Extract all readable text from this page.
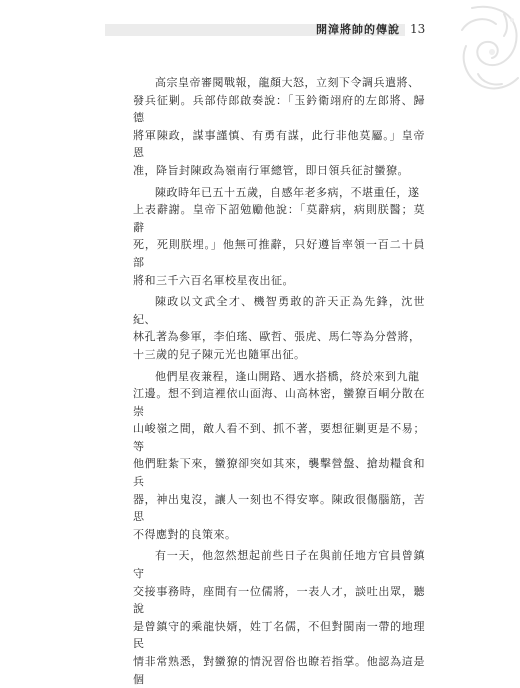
開漳將帥的傳說 13

高宗皇帝審閱戰報，龍顏大怒，立刻下令調兵遣將、
發兵征剿。兵部侍郎啟奏說：「玉鈐衛翊府的左郎將、歸德
將軍陳政，謀事謹慎、有勇有謀，此行非他莫屬。」皇帝恩
准，降旨封陳政為嶺南行軍總管，即日領兵征討蠻獠。

陳政時年已五十五歲，自感年老多病，不堪重任，遂
上表辭謝。皇帝下詔勉勵他說：「莫辭病，病則朕醫；莫辭
死，死則朕埋。」他無可推辭，只好遵旨率領一百二十員部
將和三千六百名軍校星夜出征。

陳政以文武全才、機智勇敢的許天正為先鋒，沈世紀、
林孔著為參軍，李伯瑤、歐哲、張虎、馬仁等為分營將，
十三歲的兒子陳元光也隨軍出征。

他們星夜兼程，逢山開路、遇水搭橋，終於來到九龍
江邊。想不到這裡依山面海、山高林密，蠻獠百峒分散在崇
山峻嶺之間，敵人看不到、抓不著，要想征剿更是不易；等
他們駐紮下來，蠻獠卻突如其來，襲擊營盤、搶劫糧食和兵
器，神出鬼沒，讓人一刻也不得安寧。陳政很傷腦筋，苦思
不得應對的良策來。

有一天，他忽然想起前些日子在與前任地方官員曾鎮守
交接事務時，座間有一位儒將，一表人才，談吐出眾，聽說
是曾鎮守的乘龍快婿，姓丁名儒，不但對閩南一帶的地理民
情非常熟悉，對蠻獠的情況習俗也瞭若指掌。他認為這是個
